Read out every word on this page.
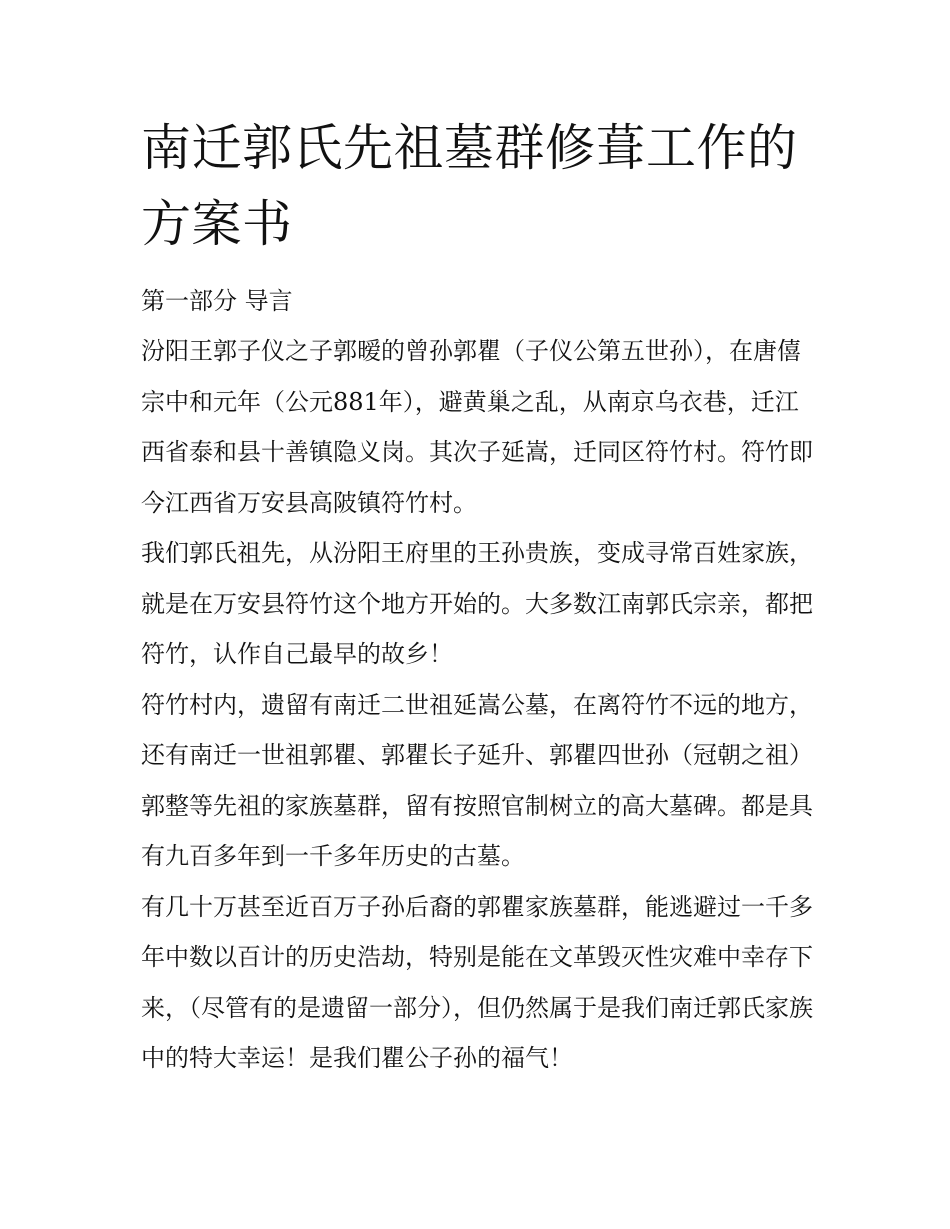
南迁郭氏先祖墓群修葺工作的方案书
第一部分 导言

汾阳王郭子仪之子郭暧的曾孙郭瞿（子仪公第五世孙），在唐僖宗中和元年（公元881年），避黄巢之乱，从南京乌衣巷，迁江西省泰和县十善镇隐义岗。其次子延嵩，迁同区符竹村。符竹即今江西省万安县高陂镇符竹村。

我们郭氏祖先，从汾阳王府里的王孙贵族，变成寻常百姓家族，就是在万安县符竹这个地方开始的。大多数江南郭氏宗亲，都把符竹，认作自己最早的故乡！

符竹村内，遗留有南迁二世祖延嵩公墓，在离符竹不远的地方，还有南迁一世祖郭瞿、郭瞿长子延升、郭瞿四世孙（冠朝之祖）郭整等先祖的家族墓群，留有按照官制树立的高大墓碑。都是具有九百多年到一千多年历史的古墓。

有几十万甚至近百万子孙后裔的郭瞿家族墓群，能逃避过一千多年中数以百计的历史浩劫，特别是能在文革毁灭性灾难中幸存下来，（尽管有的是遗留一部分），但仍然属于是我们南迁郭氏家族中的特大幸运！是我们瞿公子孙的福气！
